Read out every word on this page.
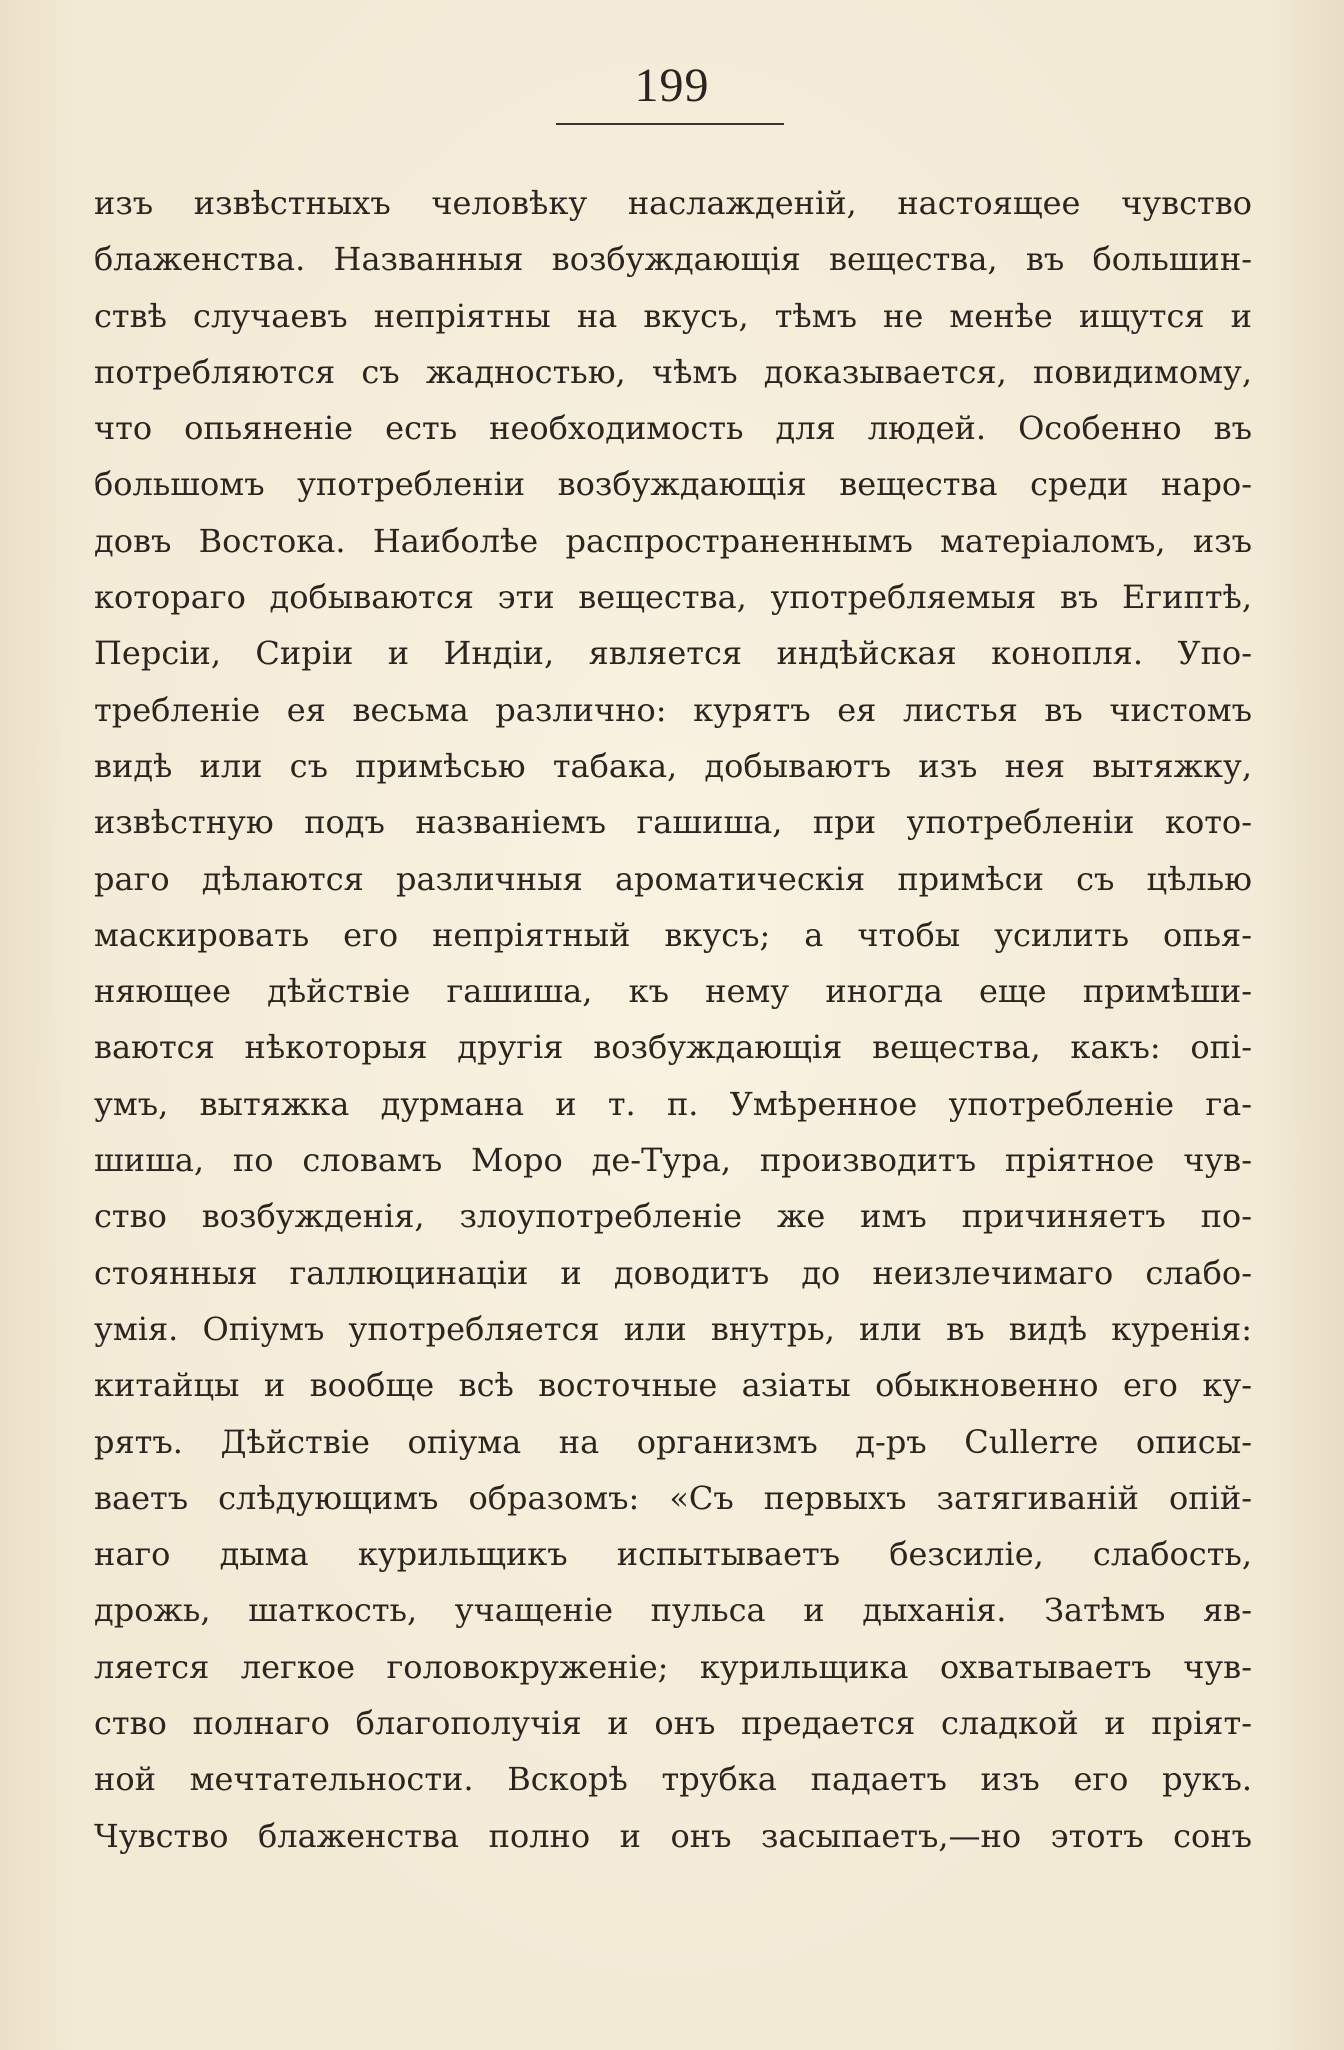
199
изъ извѣстныхъ человѣку наслажденій, настоящее чувство
блаженства. Названныя возбуждающія вещества, въ большин-
ствѣ случаевъ непріятны на вкусъ, тѣмъ не менѣе ищутся и
потребляются съ жадностью, чѣмъ доказывается, повидимому,
что опьяненіе есть необходимость для людей. Особенно въ
большомъ употребленіи возбуждающія вещества среди наро-
довъ Востока. Наиболѣе распространеннымъ матеріаломъ, изъ
котораго добываются эти вещества, употребляемыя въ Египтѣ,
Персіи, Сиріи и Индіи, является индѣйская конопля. Упо-
требленіе ея весьма различно: курятъ ея листья въ чистомъ
видѣ или съ примѣсью табака, добываютъ изъ нея вытяжку,
извѣстную подъ названіемъ гашиша, при употребленіи кото-
раго дѣлаются различныя ароматическія примѣси съ цѣлью
маскировать его непріятный вкусъ; а чтобы усилить опья-
няющее дѣйствіе гашиша, къ нему иногда еще примѣши-
ваются нѣкоторыя другія возбуждающія вещества, какъ: опі-
умъ, вытяжка дурмана и т. п. Умѣренное употребленіе га-
шиша, по словамъ Моро де-Тура, производитъ пріятное чув-
ство возбужденія, злоупотребленіе же имъ причиняетъ по-
стоянныя галлюцинаціи и доводитъ до неизлечимаго слабо-
умія. Опіумъ употребляется или внутрь, или въ видѣ куренія:
китайцы и вообще всѣ восточные азіаты обыкновенно его ку-
рятъ. Дѣйствіе опіума на организмъ д-ръ Cullerre описы-
ваетъ слѣдующимъ образомъ: «Съ первыхъ затягиваній опій-
наго дыма курильщикъ испытываетъ безсиліе, слабость,
дрожь, шаткость, учащеніе пульса и дыханія. Затѣмъ яв-
ляется легкое головокруженіе; курильщика охватываетъ чув-
ство полнаго благополучія и онъ предается сладкой и пріят-
ной мечтательности. Вскорѣ трубка падаетъ изъ его рукъ.
Чувство блаженства полно и онъ засыпаетъ,—но этотъ сонъ
